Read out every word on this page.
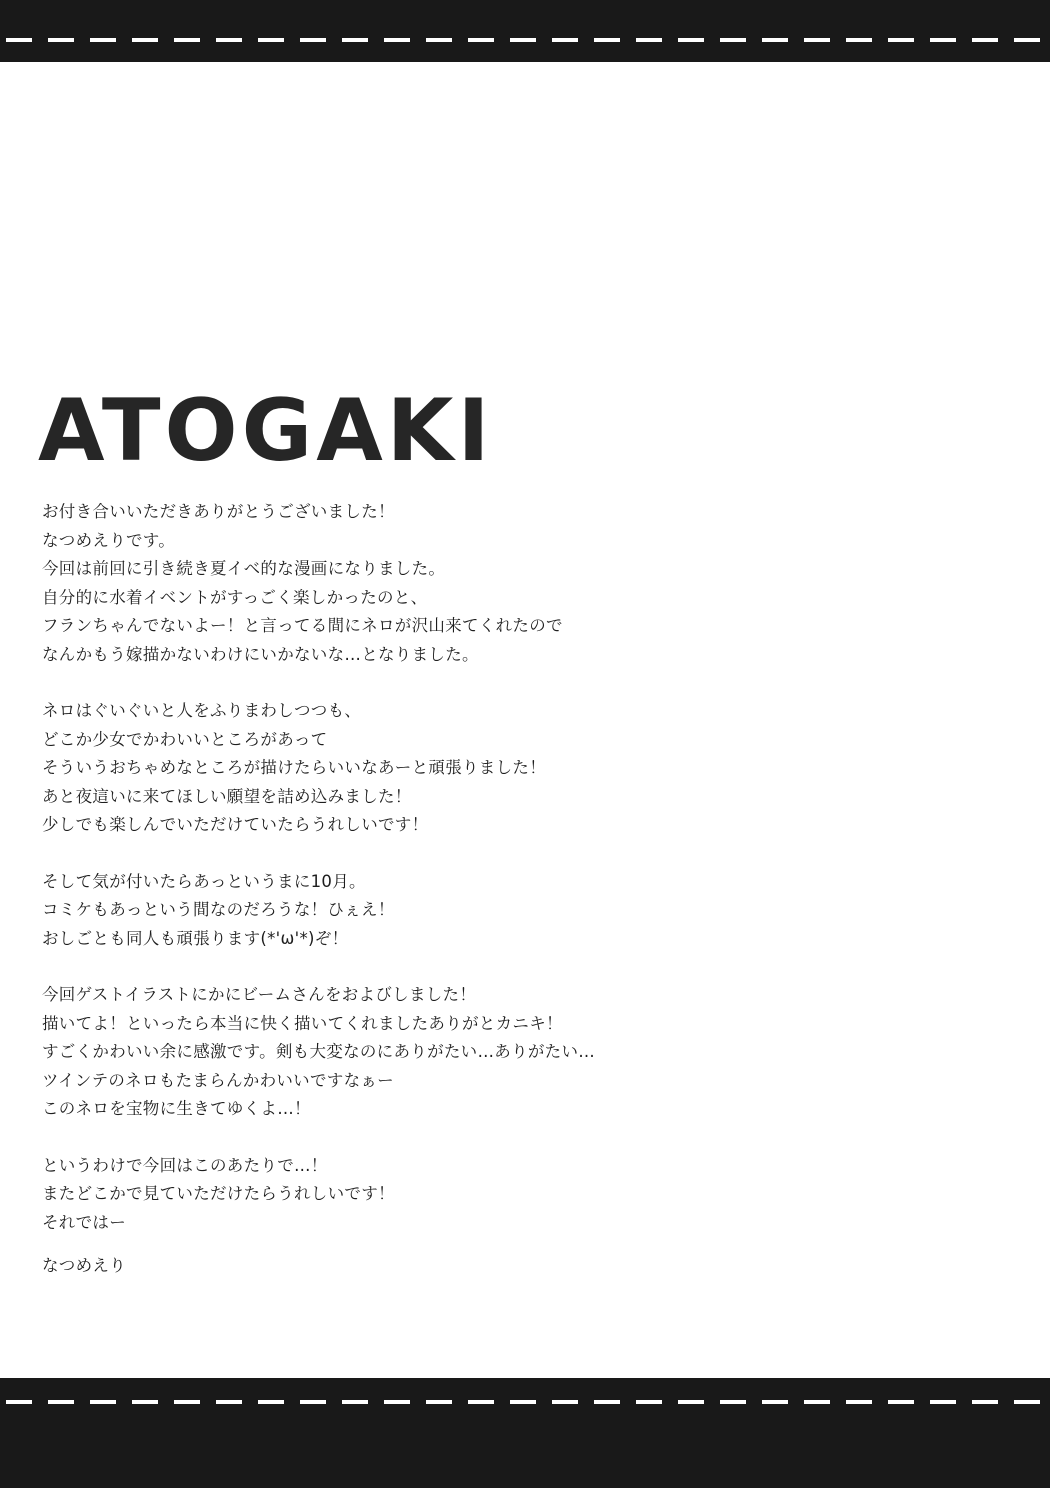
ATOGAKI
お付き合いいただきありがとうございました！
なつめえりです。
今回は前回に引き続き夏イベ的な漫画になりました。
自分的に水着イベントがすっごく楽しかったのと、
フランちゃんでないよー！と言ってる間にネロが沢山来てくれたので
なんかもう嫁描かないわけにいかないな…となりました。
ネロはぐいぐいと人をふりまわしつつも、
どこか少女でかわいいところがあって
そういうおちゃめなところが描けたらいいなあーと頑張りました！
あと夜這いに来てほしい願望を詰め込みました！
少しでも楽しんでいただけていたらうれしいです！
そして気が付いたらあっというまに10月。
コミケもあっという間なのだろうな！ひぇえ！
おしごとも同人も頑張ります(*'ω'*)ぞ！
今回ゲストイラストにかにビームさんをおよびしました！
描いてよ！といったら本当に快く描いてくれましたありがとカニキ！
すごくかわいい余に感激です。剣も大変なのにありがたい…ありがたい…
ツインテのネロもたまらんかわいいですなぁー
このネロを宝物に生きてゆくよ…！
というわけで今回はこのあたりで…！
またどこかで見ていただけたらうれしいです！
それではー
なつめえり
